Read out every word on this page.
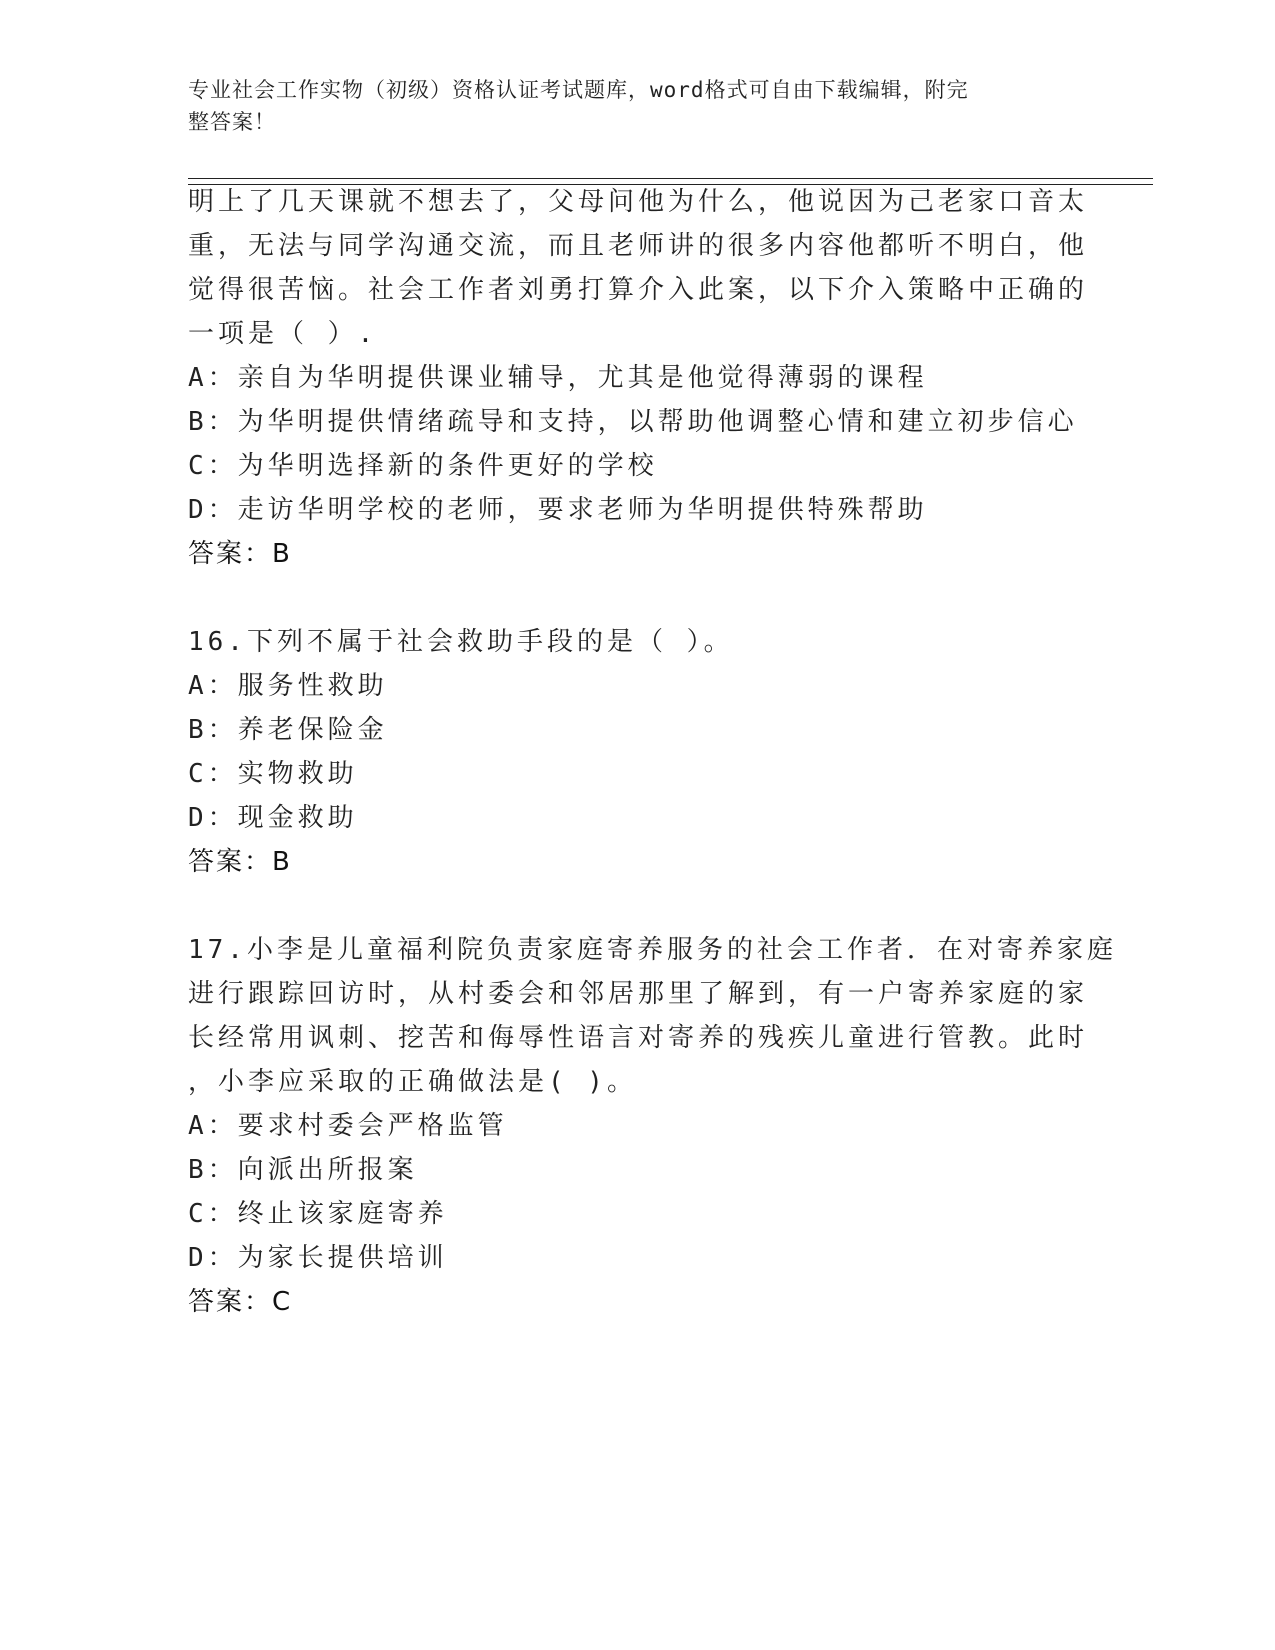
专业社会工作实物（初级）资格认证考试题库，word格式可自由下载编辑，附完
整答案！
明上了几天课就不想去了，父母问他为什么，他说因为己老家口音太
重，无法与同学沟通交流，而且老师讲的很多内容他都听不明白，他
觉得很苦恼。社会工作者刘勇打算介入此案，以下介入策略中正确的
一项是（ ）.
A：亲自为华明提供课业辅导，尤其是他觉得薄弱的课程
B：为华明提供情绪疏导和支持，以帮助他调整心情和建立初步信心
C：为华明选择新的条件更好的学校
D：走访华明学校的老师，要求老师为华明提供特殊帮助
答案：B
16.下列不属于社会救助手段的是（ ）。
A：服务性救助
B：养老保险金
C：实物救助
D：现金救助
答案：B
17.小李是儿童福利院负责家庭寄养服务的社会工作者．在对寄养家庭
进行跟踪回访时，从村委会和邻居那里了解到，有一户寄养家庭的家
长经常用讽刺、挖苦和侮辱性语言对寄养的残疾儿童进行管教。此时
，小李应采取的正确做法是( )。
A：要求村委会严格监管
B：向派出所报案
C：终止该家庭寄养
D：为家长提供培训
答案：C
